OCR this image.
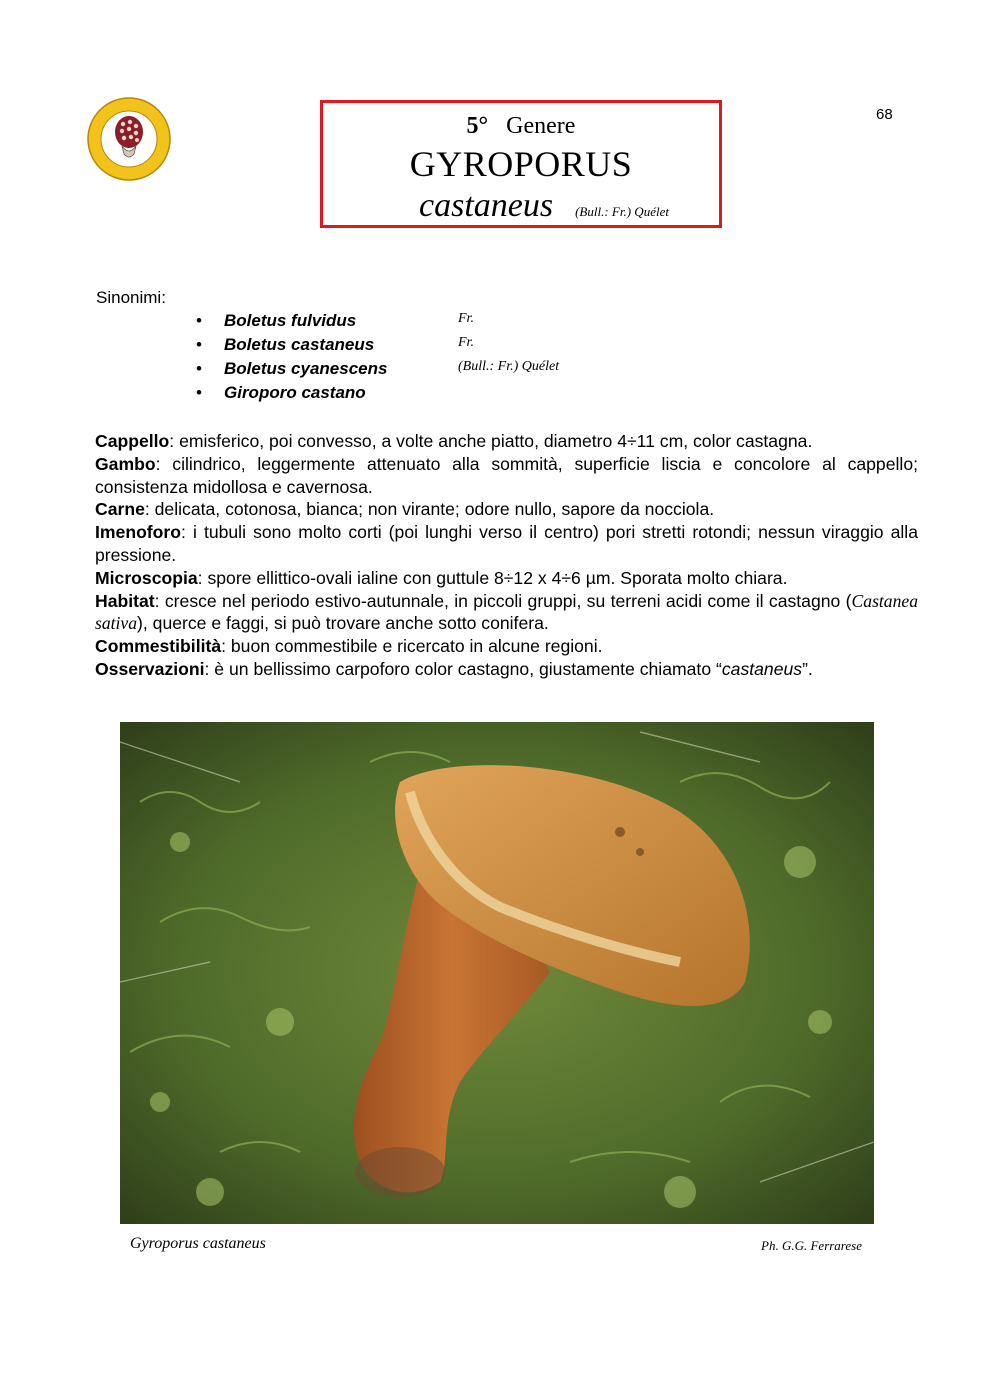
68
5° Genere
GYROPORUS
castaneus (Bull.: Fr.) Quélet
Sinonimi:
• Boletus fulvidus	Fr.
• Boletus castaneus	Fr.
• Boletus cyanescens	(Bull.: Fr.) Quélet
• Giroporo castano

Cappello: emisferico, poi convesso, a volte anche piatto, diametro 4÷11 cm, color castagna.

Gambo: cilindrico, leggermente attenuato alla sommità, superficie liscia e concolore al cappello; consistenza midollosa e cavernosa.

Carne: delicata, cotonosa, bianca; non virante; odore nullo, sapore da nocciola.

Imenoforo: i tubuli sono molto corti (poi lunghi verso il centro) pori stretti rotondi; nessun viraggio alla pressione.

Microscopia: spore ellittico-ovali ialine con guttule 8÷12 x 4÷6 µm. Sporata molto chiara.

Habitat: cresce nel periodo estivo-autunnale, in piccoli gruppi, su terreni acidi come il castagno (Castanea sativa), querce e faggi, si può trovare anche sotto conifera.

Commestibilità: buon commestibile e ricercato in alcune regioni.

Osservazioni: è un bellissimo carpoforo color castagno, giustamente chiamato “castaneus”.

Gyroporus castaneus	Ph. G.G. Ferrarese
